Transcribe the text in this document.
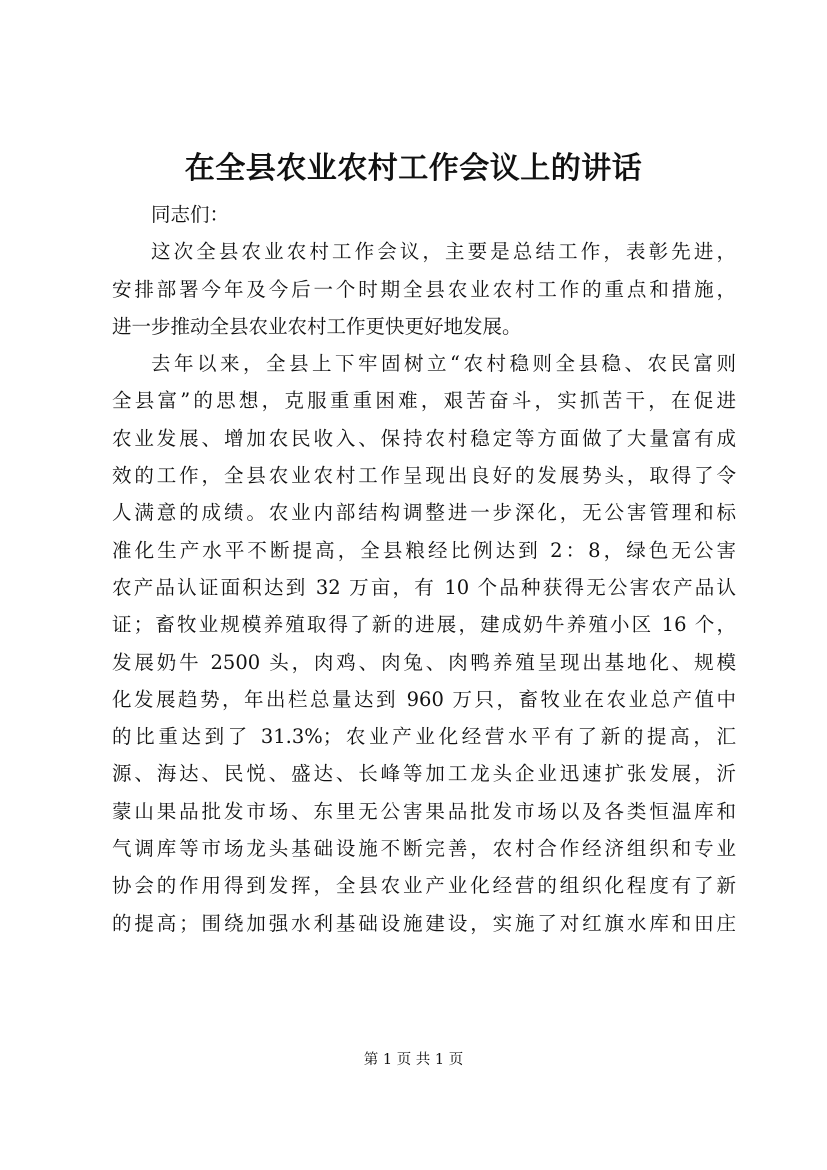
在全县农业农村工作会议上的讲话
同志们：
这次全县农业农村工作会议，主要是总结工作，表彰先进，
安排部署今年及今后一个时期全县农业农村工作的重点和措施，
进一步推动全县农业农村工作更快更好地发展。
去年以来，全县上下牢固树立“农村稳则全县稳、农民富则
全县富”的思想，克服重重困难，艰苦奋斗，实抓苦干，在促进
农业发展、增加农民收入、保持农村稳定等方面做了大量富有成
效的工作，全县农业农村工作呈现出良好的发展势头，取得了令
人满意的成绩。农业内部结构调整进一步深化，无公害管理和标
准化生产水平不断提高，全县粮经比例达到 2：8，绿色无公害
农产品认证面积达到 32 万亩，有 10 个品种获得无公害农产品认
证；畜牧业规模养殖取得了新的进展，建成奶牛养殖小区 16 个，
发展奶牛 2500 头，肉鸡、肉兔、肉鸭养殖呈现出基地化、规模
化发展趋势，年出栏总量达到 960 万只，畜牧业在农业总产值中
的比重达到了 31.3%；农业产业化经营水平有了新的提高，汇
源、海达、民悦、盛达、长峰等加工龙头企业迅速扩张发展，沂
蒙山果品批发市场、东里无公害果品批发市场以及各类恒温库和
气调库等市场龙头基础设施不断完善，农村合作经济组织和专业
协会的作用得到发挥，全县农业产业化经营的组织化程度有了新
的提高；围绕加强水利基础设施建设，实施了对红旗水库和田庄
第 1 页 共 1 页
